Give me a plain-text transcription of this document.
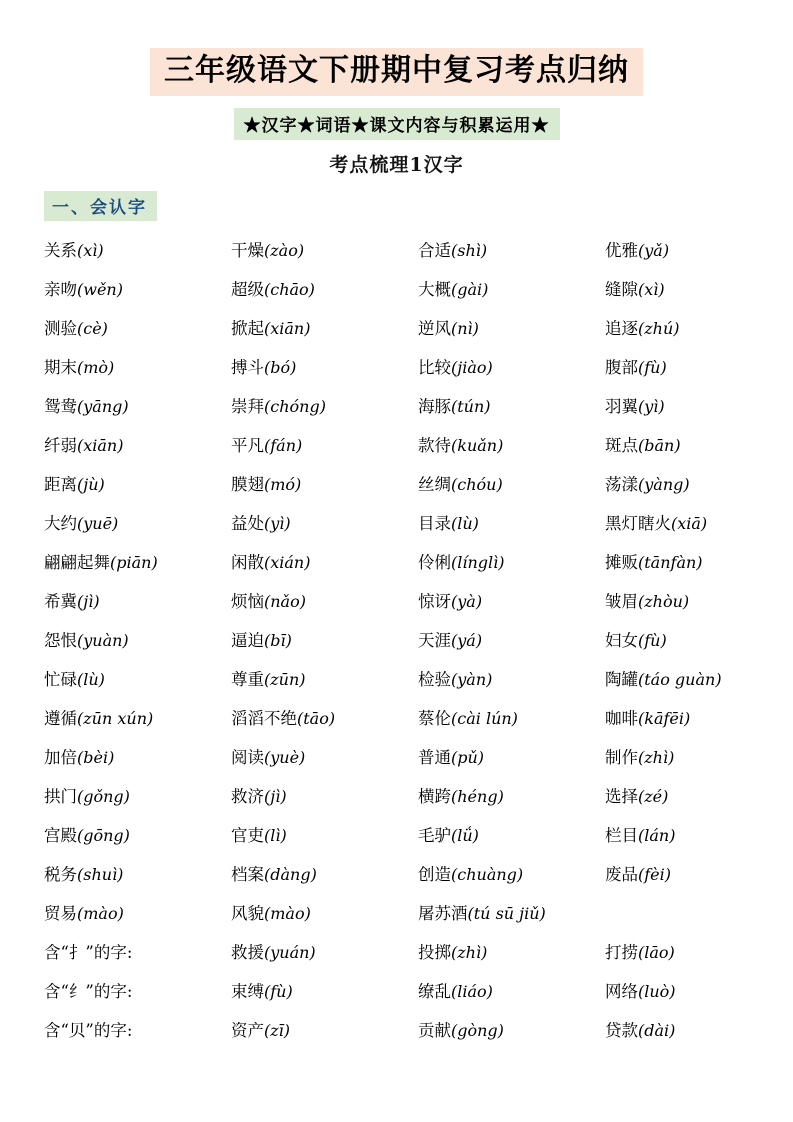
三年级语文下册期中复习考点归纳
★汉字★词语★课文内容与积累运用★
考点梳理1汉字
一、会认字
关系(xì)	干燥(zào)	合适(shì)	优雅(yǎ)
亲吻(wěn)	超级(chāo)	大概(gài)	缝隙(xì)
测验(cè)	掀起(xiān)	逆风(nì)	追逐(zhú)
期末(mò)	搏斗(bó)	比较(jiào)	腹部(fù)
鸳鸯(yāng)	崇拜(chóng)	海豚(tún)	羽翼(yì)
纤弱(xiān)	平凡(fán)	款待(kuǎn)	斑点(bān)
距离(jù)	膜翅(mó)	丝绸(chóu)	荡漾(yàng)
大约(yuē)	益处(yì)	目录(lù)	黑灯瞎火(xiā)
翩翩起舞(piān)	闲散(xián)	伶俐(línglì)	摊贩(tānfàn)
希冀(jì)	烦恼(nǎo)	惊讶(yà)	皱眉(zhòu)
怨恨(yuàn)	逼迫(bī)	天涯(yá)	妇女(fù)
忙碌(lù)	尊重(zūn)	检验(yàn)	陶罐(táo guàn)
遵循(zūn xún)	滔滔不绝(tāo)	蔡伦(cài lún)	咖啡(kāfēi)
加倍(bèi)	阅读(yuè)	普通(pǔ)	制作(zhì)
拱门(gǒng)	救济(jì)	横跨(héng)	选择(zé)
宫殿(gōng)	官吏(lì)	毛驴(lǘ)	栏目(lán)
税务(shuì)	档案(dàng)	创造(chuàng)	废品(fèi)
贸易(mào)	风貌(mào)	屠苏酒(tú sū jiǔ)
含“扌”的字:	救援(yuán)	投掷(zhì)	打捞(lāo)
含“纟”的字:	束缚(fù)	缭乱(liáo)	网络(luò)
含“贝”的字:	资产(zī)	贡献(gòng)	贷款(dài)
